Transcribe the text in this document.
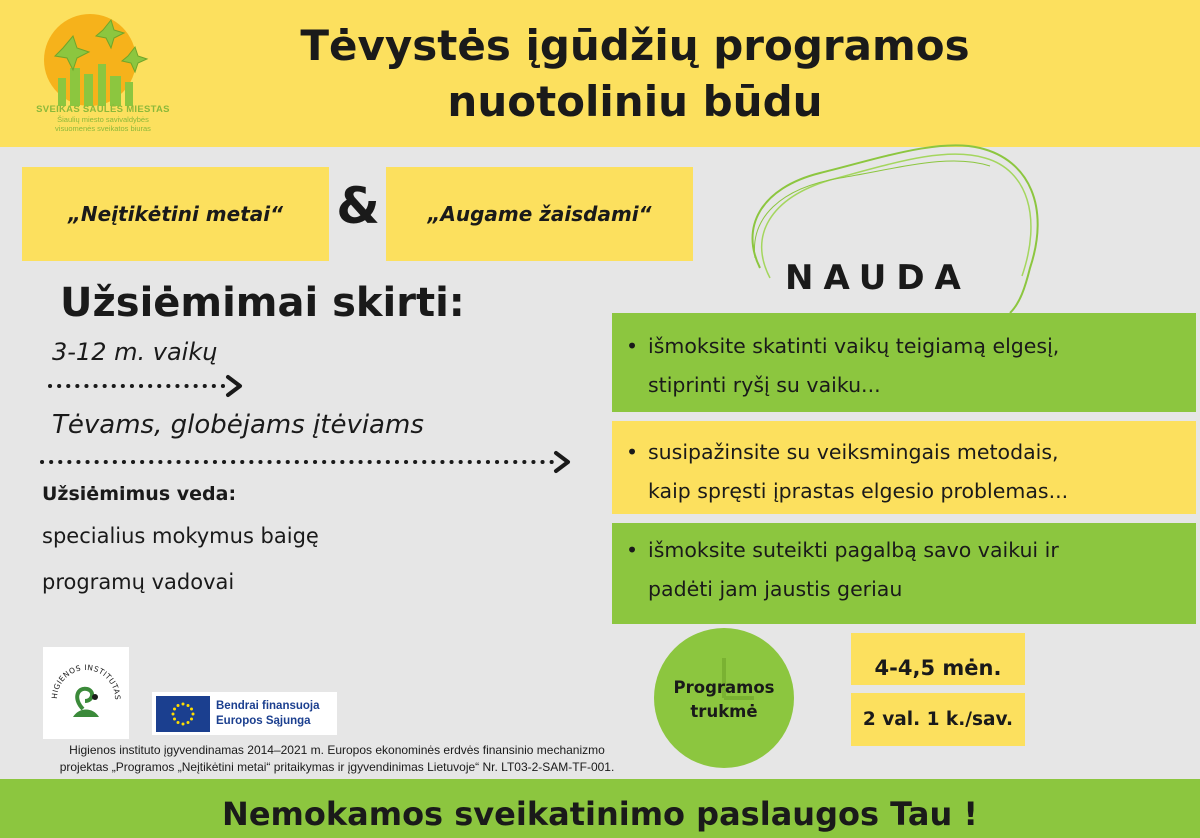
SVEIKAS SAULĖS MIESTAS
Šiaulių miesto savivaldybės
visuomenės sveikatos biuras
Tėvystės įgūdžių programos
nuotoliniu būdu
„Neįtikėtini metai“ &	„Augame žaisdami“
NAUDA
Užsiėmimai skirti:
3-12 m. vaikų
Tėvams, globėjams įtėviams
Užsiėmimus veda:
specialius mokymus baigę
programų vadovai
• išmoksite skatinti vaikų teigiamą elgesį,
stiprinti ryšį su vaiku...
• susipažinsite su veiksmingais metodais,
kaip spręsti įprastas elgesio problemas...
• išmoksite suteikti pagalbą savo vaikui ir
padėti jam jaustis geriau
Programos
trukmė
4-4,5 mėn.
2 val. 1 k./sav.
HIGIENOS INSTITUTAS
Bendrai finansuoja
Europos Sąjunga
Higienos instituto įgyvendinamas 2014–2021 m. Europos ekonominės erdvės finansinio mechanizmo
projektas „Programos „Neįtikėtini metai“ pritaikymas ir įgyvendinimas Lietuvoje“ Nr. LT03-2-SAM-TF-001.
Nemokamos sveikatinimo paslaugos Tau !
